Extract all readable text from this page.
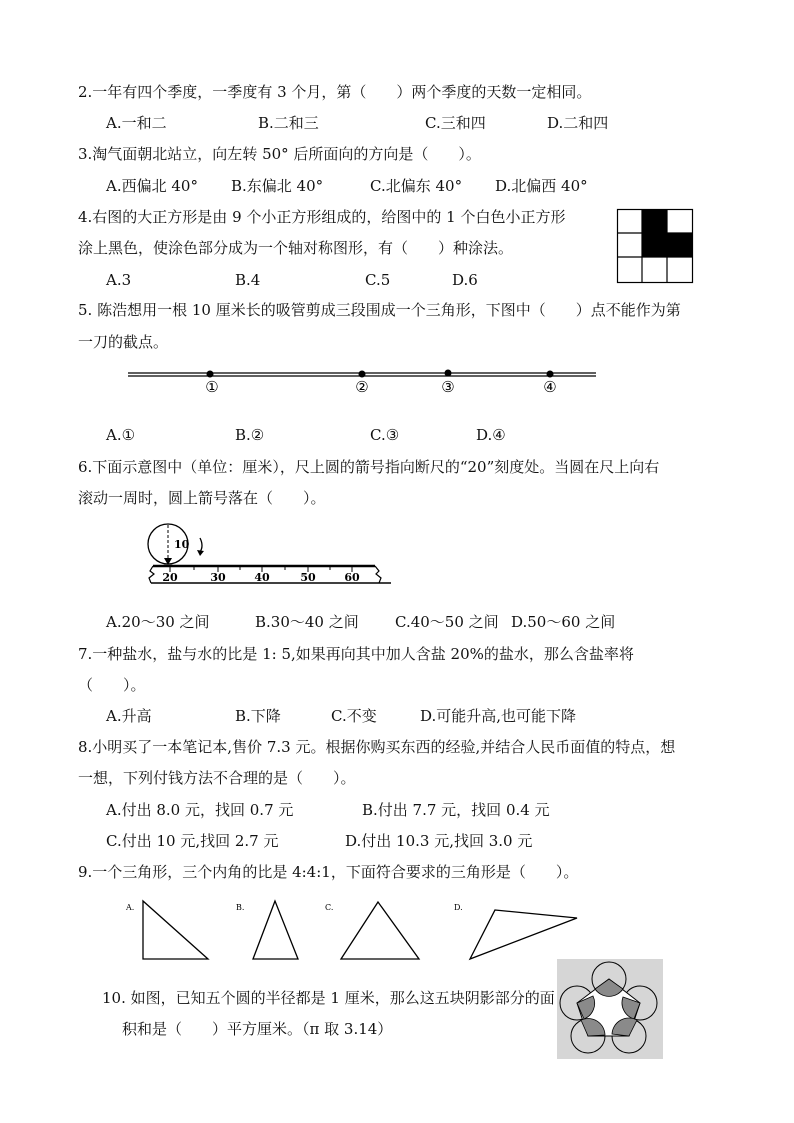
2.一年有四个季度，一季度有 3 个月，第（　　）两个季度的天数一定相同。
A.一和二	B.二和三	C.三和四	D.二和四
3.淘气面朝北站立，向左转 50° 后所面向的方向是（　　）。
A.西偏北 40° B.东偏北 40°	C.北偏东 40° D.北偏西 40°
4.右图的大正方形是由 9 个小正方形组成的，给图中的 1 个白色小正方形
涂上黑色，使涂色部分成为一个轴对称图形，有（　　）种涂法。
A.3	B.4	C.5	D.6
5. 陈浩想用一根 10 厘米长的吸管剪成三段围成一个三角形，下图中（　　）点不能作为第
一刀的截点。
①	②	③	④
A.①	B.②	C.③	D.④
6.下面示意图中（单位：厘米），尺上圆的箭号指向断尺的“20”刻度处。当圆在尺上向右
滚动一周时，圆上箭号落在（　　）。
10
20	30	40	50	60
A.20～30 之间	B.30～40 之间 C.40～50 之间 D.50～60 之间
7.一种盐水，盐与水的比是 1: 5,如果再向其中加人含盐 20%的盐水，那么含盐率将
（　　）。
A.升高	B.下降	C.不变	D.可能升高,也可能下降
8.小明买了一本笔记本,售价 7.3 元。根据你购买东西的经验,并结合人民币面值的特点，想
一想，下列付钱方法不合理的是（　　）。
A.付出 8.0 元，找回 0.7 元	B.付出 7.7 元，找回 0.4 元
C.付出 10 元,找回 2.7 元	D.付出 10.3 元,找回 3.0 元
9.一个三角形，三个内角的比是 4:4:1，下面符合要求的三角形是（　　）。
A.	B.	C.	D.
10. 如图，已知五个圆的半径都是 1 厘米，那么这五块阴影部分的面
积和是（　　）平方厘米。（π 取 3.14）
